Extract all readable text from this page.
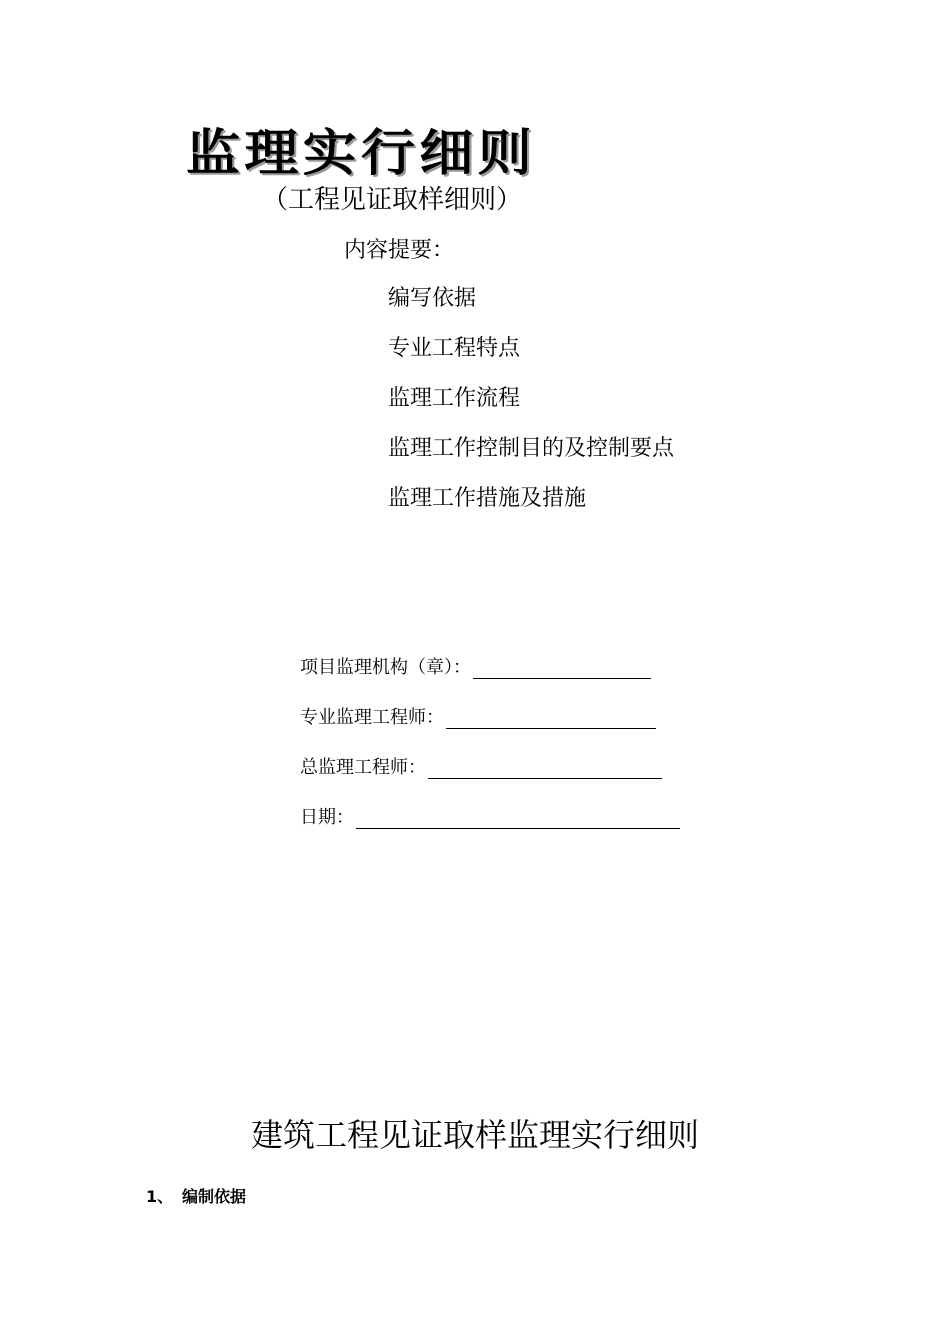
监理实行细则
（工程见证取样细则）
内容提要：
编写依据
专业工程特点
监理工作流程
监理工作控制目的及控制要点
监理工作措施及措施
项目监理机构（章）：
专业监理工程师：
总监理工程师：
日期：
建筑工程见证取样监理实行细则
1、 编制依据
